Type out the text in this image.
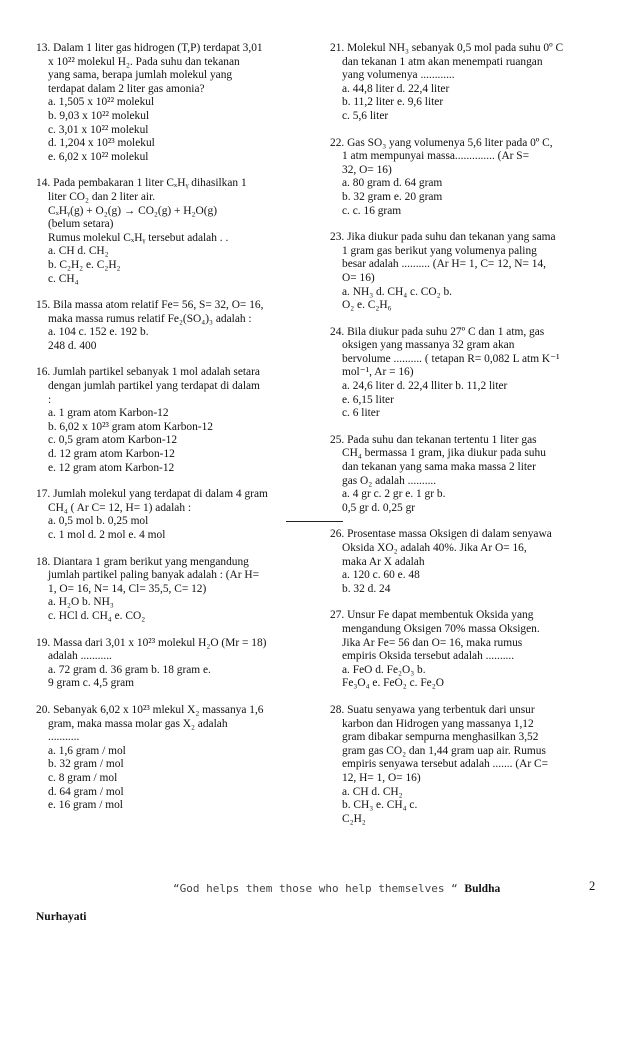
13. Dalam 1 liter gas hidrogen (T,P) terdapat 3,01
x 10²² molekul H₂. Pada suhu dan tekanan
yang sama, berapa jumlah molekul yang
terdapat dalam 2 liter gas amonia?
a. 1,505 x 10²² molekul
b. 9,03 x 10²² molekul
c. 3,01 x 10²² molekul
d. 1,204 x 10²³ molekul
e. 6,02 x 10²² molekul
14. Pada pembakaran 1 liter CₓHᵧ dihasilkan 1
liter CO₂ dan 2 liter air.
CₓHᵧ(g) + O₂(g) → CO₂(g) + H₂O(g)
(belum setara)
Rumus molekul CₓHᵧ tersebut adalah . .
a. CH d. CH₂
b. C₂H₂ e. C₂H₂
c. CH₄
15. Bila massa atom relatif Fe= 56, S= 32, O= 16,
maka massa rumus relatif Fe₂(SO₄)₃ adalah :
a. 104 c. 152 e. 192 b.
248 d. 400
16. Jumlah partikel sebanyak 1 mol adalah setara
dengan jumlah partikel yang terdapat di dalam
:
a. 1 gram atom Karbon-12
b. 6,02 x 10²³ gram atom Karbon-12
c. 0,5 gram atom Karbon-12
d. 12 gram atom Karbon-12
e. 12 gram atom Karbon-12
17. Jumlah molekul yang terdapat di dalam 4 gram
CH₄ ( Ar C= 12, H= 1) adalah :
a. 0,5 mol b. 0,25 mol
c. 1 mol d. 2 mol e. 4 mol
18. Diantara 1 gram berikut yang mengandung
jumlah partikel paling banyak adalah : (Ar H=
1, O= 16, N= 14, Cl= 35,5, C= 12)
a. H₂O b. NH₃
c. HCl d. CH₄ e. CO₂
19. Massa dari 3,01 x 10²³ molekul H₂O (Mr = 18)
adalah ...........
a. 72 gram d. 36 gram b. 18 gram e.
9 gram c. 4,5 gram
20. Sebanyak 6,02 x 10²³ mlekul X₂ massanya 1,6
gram, maka massa molar gas X₂ adalah
...........
a. 1,6 gram / mol
b. 32 gram / mol
c. 8 gram / mol
d. 64 gram / mol
e. 16 gram / mol
21. Molekul NH₃ sebanyak 0,5 mol pada suhu 0º C
dan tekanan 1 atm akan menempati ruangan
yang volumenya ............
a. 44,8 liter d. 22,4 liter
b. 11,2 liter e. 9,6 liter
c. 5,6 liter
22. Gas SO₃ yang volumenya 5,6 liter pada 0º C,
1 atm mempunyai massa.............. (Ar S=
32, O= 16)
a. 80 gram d. 64 gram
b. 32 gram e. 20 gram
c. c. 16 gram
23. Jika diukur pada suhu dan tekanan yang sama
1 gram gas berikut yang volumenya paling
besar adalah .......... (Ar H= 1, C= 12, N= 14,
O= 16)
a. NH₃ d. CH₄ c. CO₂ b.
O₂ e. C₂H₆
24. Bila diukur pada suhu 27º C dan 1 atm, gas
oksigen yang massanya 32 gram akan
bervolume .......... ( tetapan R= 0,082 L atm K⁻¹
mol⁻¹, Ar = 16)
a. 24,6 liter d. 22,4 lliter b. 11,2 liter
e. 6,15 liter
c. 6 liter
25. Pada suhu dan tekanan tertentu 1 liter gas
CH₄ bermassa 1 gram, jika diukur pada suhu
dan tekanan yang sama maka massa 2 liter
gas O₂ adalah ..........
a. 4 gr c. 2 gr e. 1 gr b.
0,5 gr d. 0,25 gr
26. Prosentase massa Oksigen di dalam senyawa
Oksida XO₂ adalah 40%. Jika Ar O= 16,
maka Ar X adalah
a. 120 c. 60 e. 48
b. 32 d. 24
27. Unsur Fe dapat membentuk Oksida yang
mengandung Oksigen 70% massa Oksigen.
Jika Ar Fe= 56 dan O= 16, maka rumus
empiris Oksida tersebut adalah ..........
a. FeO d. Fe₂O₃ b.
Fe₃O₄ e. FeO₂ c. Fe₂O
28. Suatu senyawa yang terbentuk dari unsur
karbon dan Hidrogen yang massanya 1,12
gram dibakar sempurna menghasilkan 3,52
gram gas CO₂ dan 1,44 gram uap air. Rumus
empiris senyawa tersebut adalah ....... (Ar C=
12, H= 1, O= 16)
a. CH d. CH₂
b. CH₃ e. CH₄ c.
C₂H₂
“God helps them those who help themselves “ Buldha	2
Nurhayati
